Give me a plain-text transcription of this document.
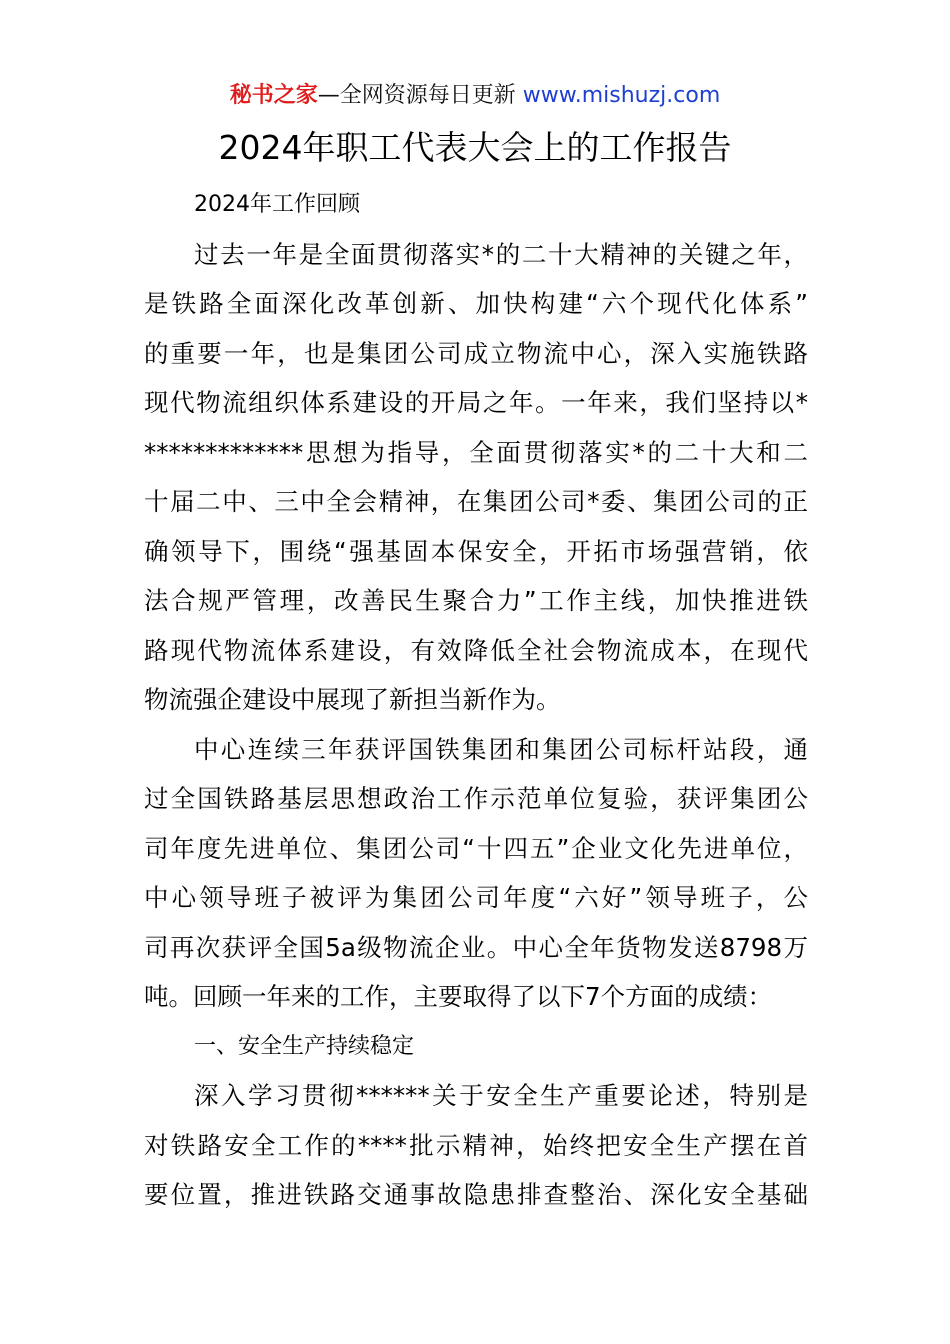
秘书之家—全网资源每日更新 www.mishuzj.com
2024年职工代表大会上的工作报告
2024年工作回顾
过去一年是全面贯彻落实*的二十大精神的关键之年，
是铁路全面深化改革创新、加快构建“六个现代化体系”
的重要一年，也是集团公司成立物流中心，深入实施铁路
现代物流组织体系建设的开局之年。一年来，我们坚持以*
*************思想为指导，全面贯彻落实*的二十大和二
十届二中、三中全会精神，在集团公司*委、集团公司的正
确领导下，围绕“强基固本保安全，开拓市场强营销，依
法合规严管理，改善民生聚合力”工作主线，加快推进铁
路现代物流体系建设，有效降低全社会物流成本，在现代
物流强企建设中展现了新担当新作为。
中心连续三年获评国铁集团和集团公司标杆站段，通
过全国铁路基层思想政治工作示范单位复验，获评集团公
司年度先进单位、集团公司“十四五”企业文化先进单位，
中心领导班子被评为集团公司年度“六好”领导班子，公
司再次获评全国5a级物流企业。中心全年货物发送8798万
吨。回顾一年来的工作，主要取得了以下7个方面的成绩：
一、安全生产持续稳定
深入学习贯彻******关于安全生产重要论述，特别是
对铁路安全工作的****批示精神，始终把安全生产摆在首
要位置，推进铁路交通事故隐患排查整治、深化安全基础
